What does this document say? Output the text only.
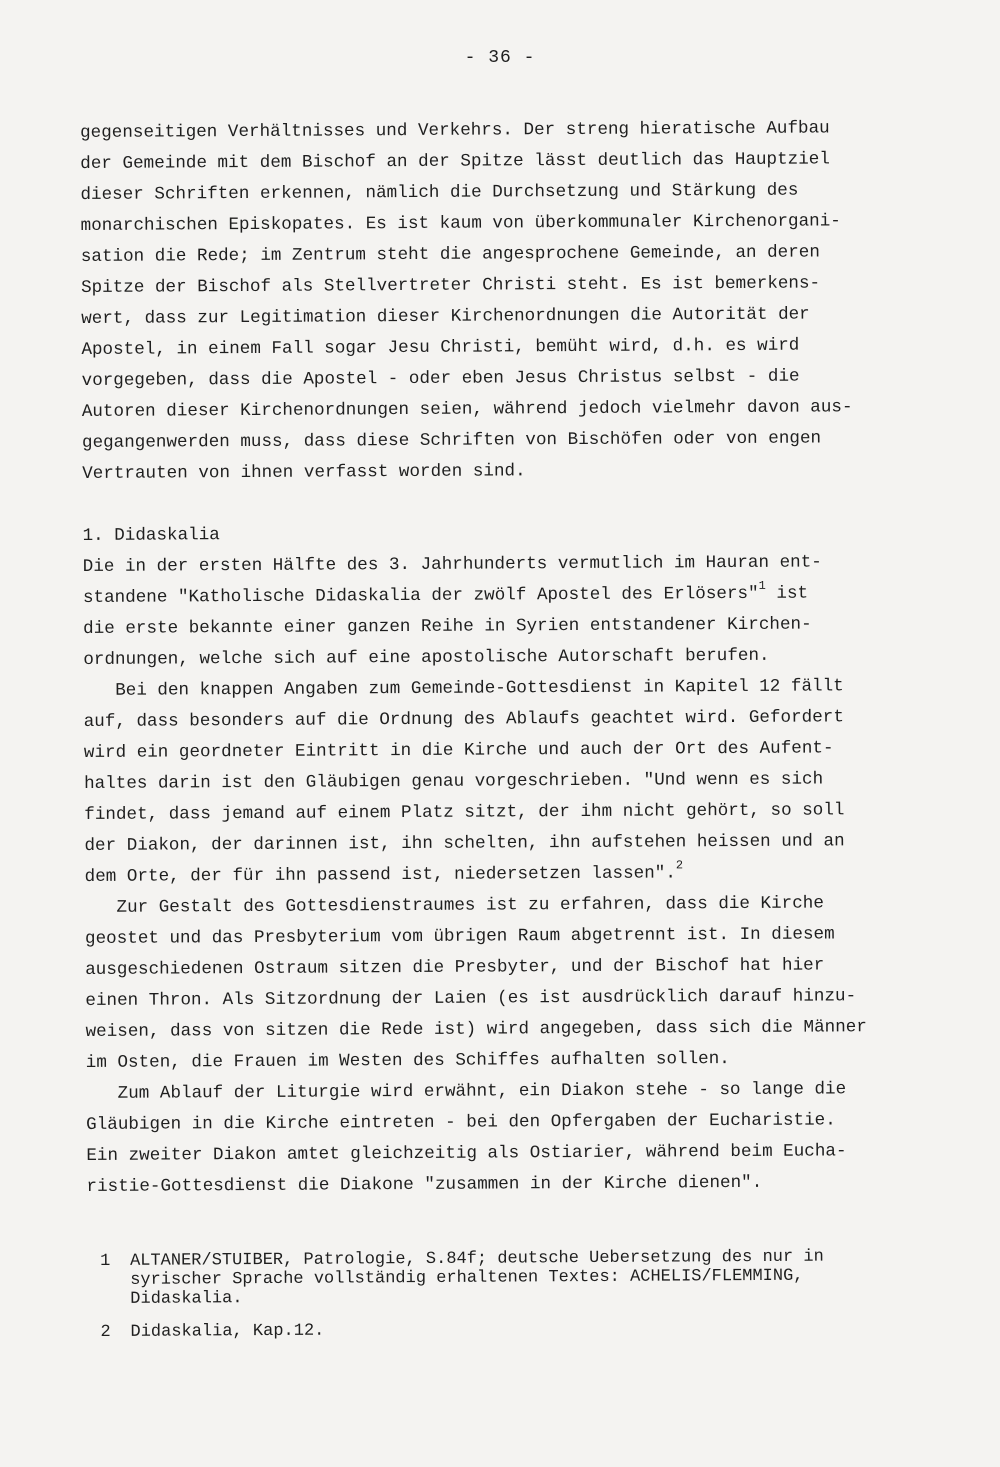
- 36 -
gegenseitigen Verhältnisses und Verkehrs. Der streng hieratische Aufbau
der Gemeinde mit dem Bischof an der Spitze lässt deutlich das Hauptziel
dieser Schriften erkennen, nämlich die Durchsetzung und Stärkung des
monarchischen Episkopates. Es ist kaum von überkommunaler Kirchenorgani-
sation die Rede; im Zentrum steht die angesprochene Gemeinde, an deren
Spitze der Bischof als Stellvertreter Christi steht. Es ist bemerkens-
wert, dass zur Legitimation dieser Kirchenordnungen die Autorität der
Apostel, in einem Fall sogar Jesu Christi, bemüht wird, d.h. es wird
vorgegeben, dass die Apostel - oder eben Jesus Christus selbst - die
Autoren dieser Kirchenordnungen seien, während jedoch vielmehr davon aus-
gegangenwerden muss, dass diese Schriften von Bischöfen oder von engen
Vertrauten von ihnen verfasst worden sind.
1. Didaskalia
Die in der ersten Hälfte des 3. Jahrhunderts vermutlich im Hauran ent-
standene "Katholische Didaskalia der zwölf Apostel des Erlösers"$^1$ ist
die erste bekannte einer ganzen Reihe in Syrien entstandener Kirchen-
ordnungen, welche sich auf eine apostolische Autorschaft berufen.
Bei den knappen Angaben zum Gemeinde-Gottesdienst in Kapitel 12 fällt
auf, dass besonders auf die Ordnung des Ablaufs geachtet wird. Gefordert
wird ein geordneter Eintritt in die Kirche und auch der Ort des Aufent-
haltes darin ist den Gläubigen genau vorgeschrieben. "Und wenn es sich
findet, dass jemand auf einem Platz sitzt, der ihm nicht gehört, so soll
der Diakon, der darinnen ist, ihn schelten, ihn aufstehen heissen und an
dem Orte, der für ihn passend ist, niedersetzen lassen".$^2$
Zur Gestalt des Gottesdienstraumes ist zu erfahren, dass die Kirche
geostet und das Presbyterium vom übrigen Raum abgetrennt ist. In diesem
ausgeschiedenen Ostraum sitzen die Presbyter, und der Bischof hat hier
einen Thron. Als Sitzordnung der Laien (es ist ausdrücklich darauf hinzu-
weisen, dass von sitzen die Rede ist) wird angegeben, dass sich die Männer
im Osten, die Frauen im Westen des Schiffes aufhalten sollen.
Zum Ablauf der Liturgie wird erwähnt, ein Diakon stehe - so lange die
Gläubigen in die Kirche eintreten - bei den Opfergaben der Eucharistie.
Ein zweiter Diakon amtet gleichzeitig als Ostiarier, während beim Eucha-
ristie-Gottesdienst die Diakone "zusammen in der Kirche dienen".
1	ALTANER/STUIBER, Patrologie, S.84f; deutsche Uebersetzung des nur in
syrischer Sprache vollständig erhaltenen Textes: ACHELIS/FLEMMING,
Didaskalia.
2	Didaskalia, Kap.12.
